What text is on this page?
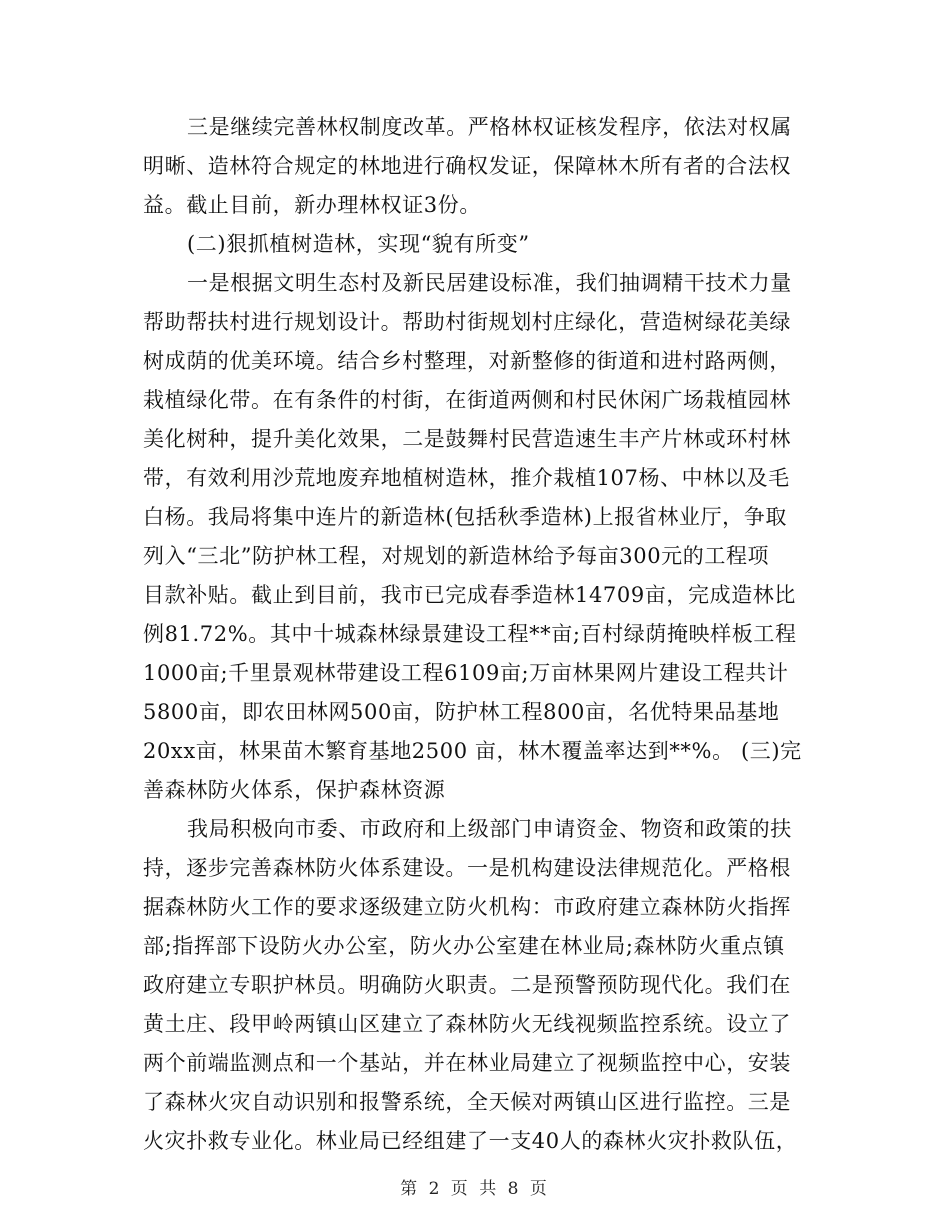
三是继续完善林权制度改革。严格林权证核发程序，依法对权属
明晰、造林符合规定的林地进行确权发证，保障林木所有者的合法权
益。截止目前，新办理林权证3份。
(二)狠抓植树造林，实现“貌有所变”
一是根据文明生态村及新民居建设标准，我们抽调精干技术力量
帮助帮扶村进行规划设计。帮助村街规划村庄绿化，营造树绿花美绿
树成荫的优美环境。结合乡村整理，对新整修的街道和进村路两侧，
栽植绿化带。在有条件的村街，在街道两侧和村民休闲广场栽植园林
美化树种，提升美化效果，二是鼓舞村民营造速生丰产片林或环村林
带，有效利用沙荒地废弃地植树造林，推介栽植107杨、中林以及毛
白杨。我局将集中连片的新造林(包括秋季造林)上报省林业厅，争取
列入“三北”防护林工程，对规划的新造林给予每亩300元的工程项
目款补贴。截止到目前，我市已完成春季造林14709亩，完成造林比
例81.72%。其中十城森林绿景建设工程**亩;百村绿荫掩映样板工程
1000亩;千里景观林带建设工程6109亩;万亩林果网片建设工程共计
5800亩，即农田林网500亩，防护林工程800亩，名优特果品基地
20xx亩，林果苗木繁育基地2500 亩，林木覆盖率达到**%。 (三)完
善森林防火体系，保护森林资源
我局积极向市委、市政府和上级部门申请资金、物资和政策的扶
持，逐步完善森林防火体系建设。一是机构建设法律规范化。严格根
据森林防火工作的要求逐级建立防火机构：市政府建立森林防火指挥
部;指挥部下设防火办公室，防火办公室建在林业局;森林防火重点镇
政府建立专职护林员。明确防火职责。二是预警预防现代化。我们在
黄土庄、段甲岭两镇山区建立了森林防火无线视频监控系统。设立了
两个前端监测点和一个基站，并在林业局建立了视频监控中心，安装
了森林火灾自动识别和报警系统，全天候对两镇山区进行监控。三是
火灾扑救专业化。林业局已经组建了一支40人的森林火灾扑救队伍，
第 2 页 共 8 页
